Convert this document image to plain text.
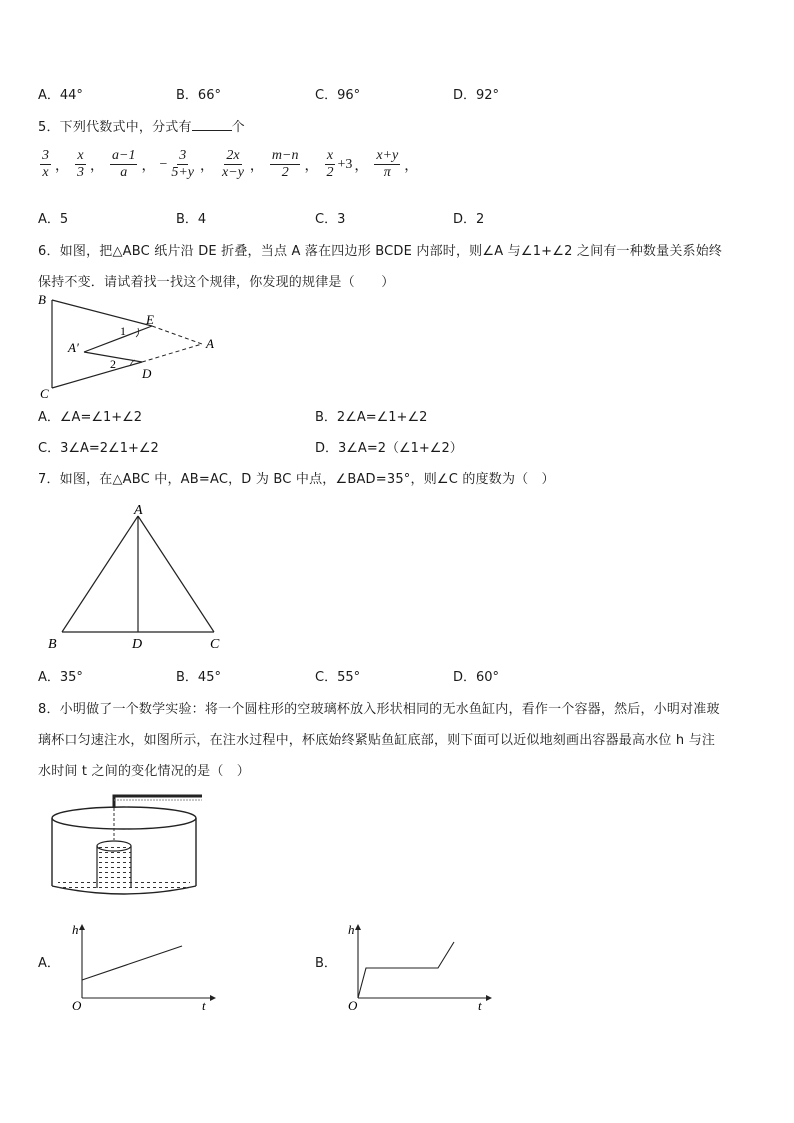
A．44°	B．66°	C．96°	D．92°
5．下列代数式中，分式有	个
$\frac{3}{x}$ ， $\frac{x}{3}$ ， $\frac{a-1}{a}$ ， − $\frac{3}{5+y}$ ， $\frac{2x}{x-y}$ ， $\frac{m-n}{2}$ ， $\frac{x}{2} +3$ ， $\frac{x+y}{\pi}$ ，
A．5	B．4	C．3	D．2
6．如图，把△ABC 纸片沿 DE 折叠，当点 A 落在四边形 BCDE 内部时，则∠A 与∠1+∠2 之间有一种数量关系始终
保持不变．请试着找一找这个规律，你发现的规律是（　　）
B
C
E
D
A
A′
1
2
A．∠A=∠1+∠2	B．2∠A=∠1+∠2
C．3∠A=2∠1+∠2	D．3∠A=2（∠1+∠2）
7．如图，在△ABC 中，AB=AC，D 为 BC 中点，∠BAD=35°，则∠C 的度数为（　）
A
B	D	C
A．35°	B．45°	C．55°	D．60°
8．小明做了一个数学实验：将一个圆柱形的空玻璃杯放入形状相同的无水鱼缸内，看作一个容器，然后，小明对准玻
璃杯口匀速注水，如图所示，在注水过程中，杯底始终紧贴鱼缸底部，则下面可以近似地刻画出容器最高水位 h 与注
水时间 t 之间的变化情况的是（　）
A．
h
t
O
B．
h
t
O
